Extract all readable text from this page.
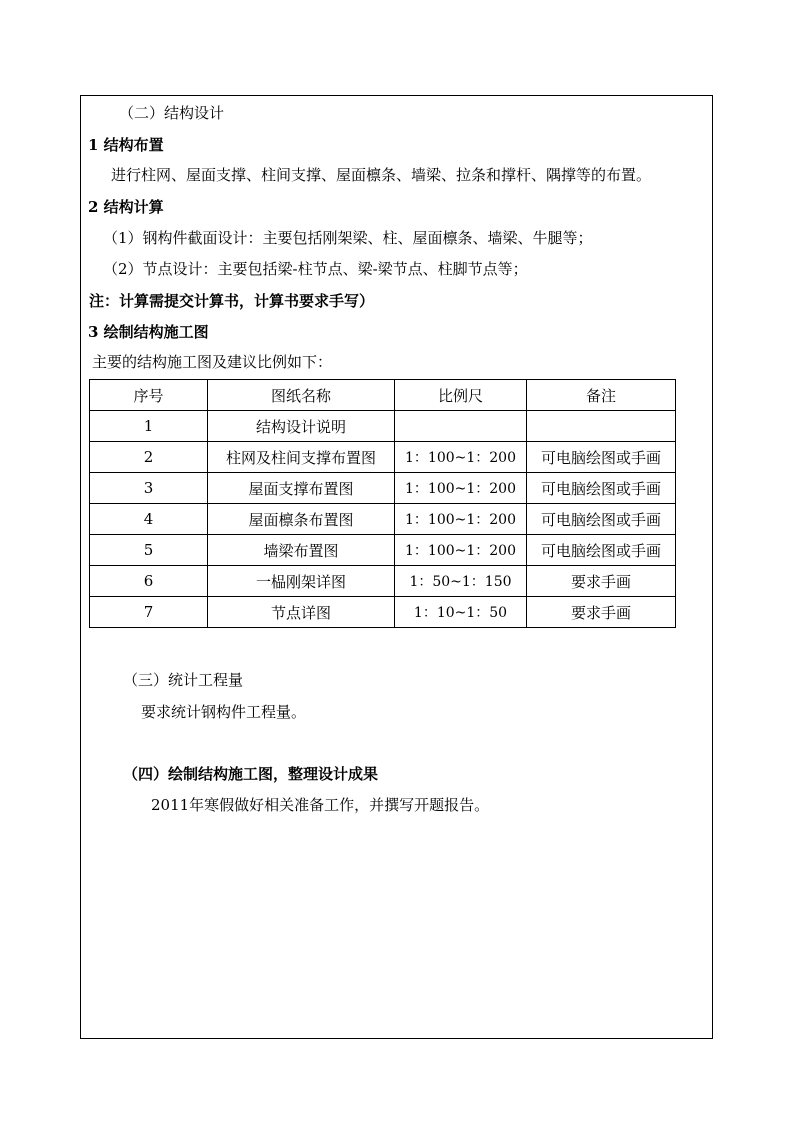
（二）结构设计
1 结构布置
进行柱网、屋面支撑、柱间支撑、屋面檩条、墙梁、拉条和撑杆、隅撑等的布置。
2 结构计算
（1）钢构件截面设计：主要包括刚架梁、柱、屋面檩条、墙梁、牛腿等；
（2）节点设计：主要包括梁-柱节点、梁-梁节点、柱脚节点等；
注：计算需提交计算书，计算书要求手写）
3 绘制结构施工图
主要的结构施工图及建议比例如下：
序号	图纸名称	比例尺	备注
1	结构设计说明		
2	柱网及柱间支撑布置图	1：100~1：200	可电脑绘图或手画
3	屋面支撑布置图	1：100~1：200	可电脑绘图或手画
4	屋面檩条布置图	1：100~1：200	可电脑绘图或手画
5	墙梁布置图	1：100~1：200	可电脑绘图或手画
6	一榀刚架详图	1：50~1：150	要求手画
7	节点详图	1：10~1：50	要求手画
（三）统计工程量
要求统计钢构件工程量。
（四）绘制结构施工图，整理设计成果
2011年寒假做好相关准备工作，并撰写开题报告。
